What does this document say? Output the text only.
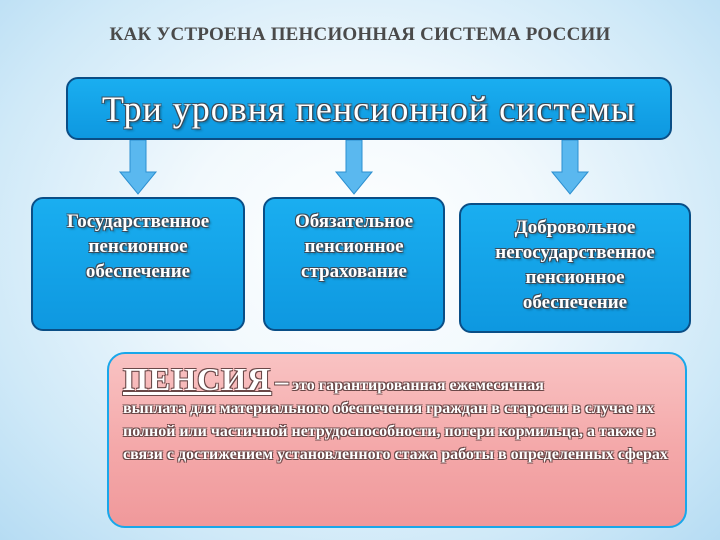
КАК УСТРОЕНА ПЕНСИОННАЯ СИСТЕМА РОССИИ
Три уровня пенсионной системы
Государственное
пенсионное
обеспечение
Обязательное
пенсионное
страхование
Добровольное
негосударственное
пенсионное
обеспечение
ПЕНСИЯ – это гарантированная ежемесячная
выплата для материального обеспечения граждан в старости в случае их полной или частичной нетрудоспособности, потери кормильца, а также в связи с достижением установленного стажа работы в определенных сферах
